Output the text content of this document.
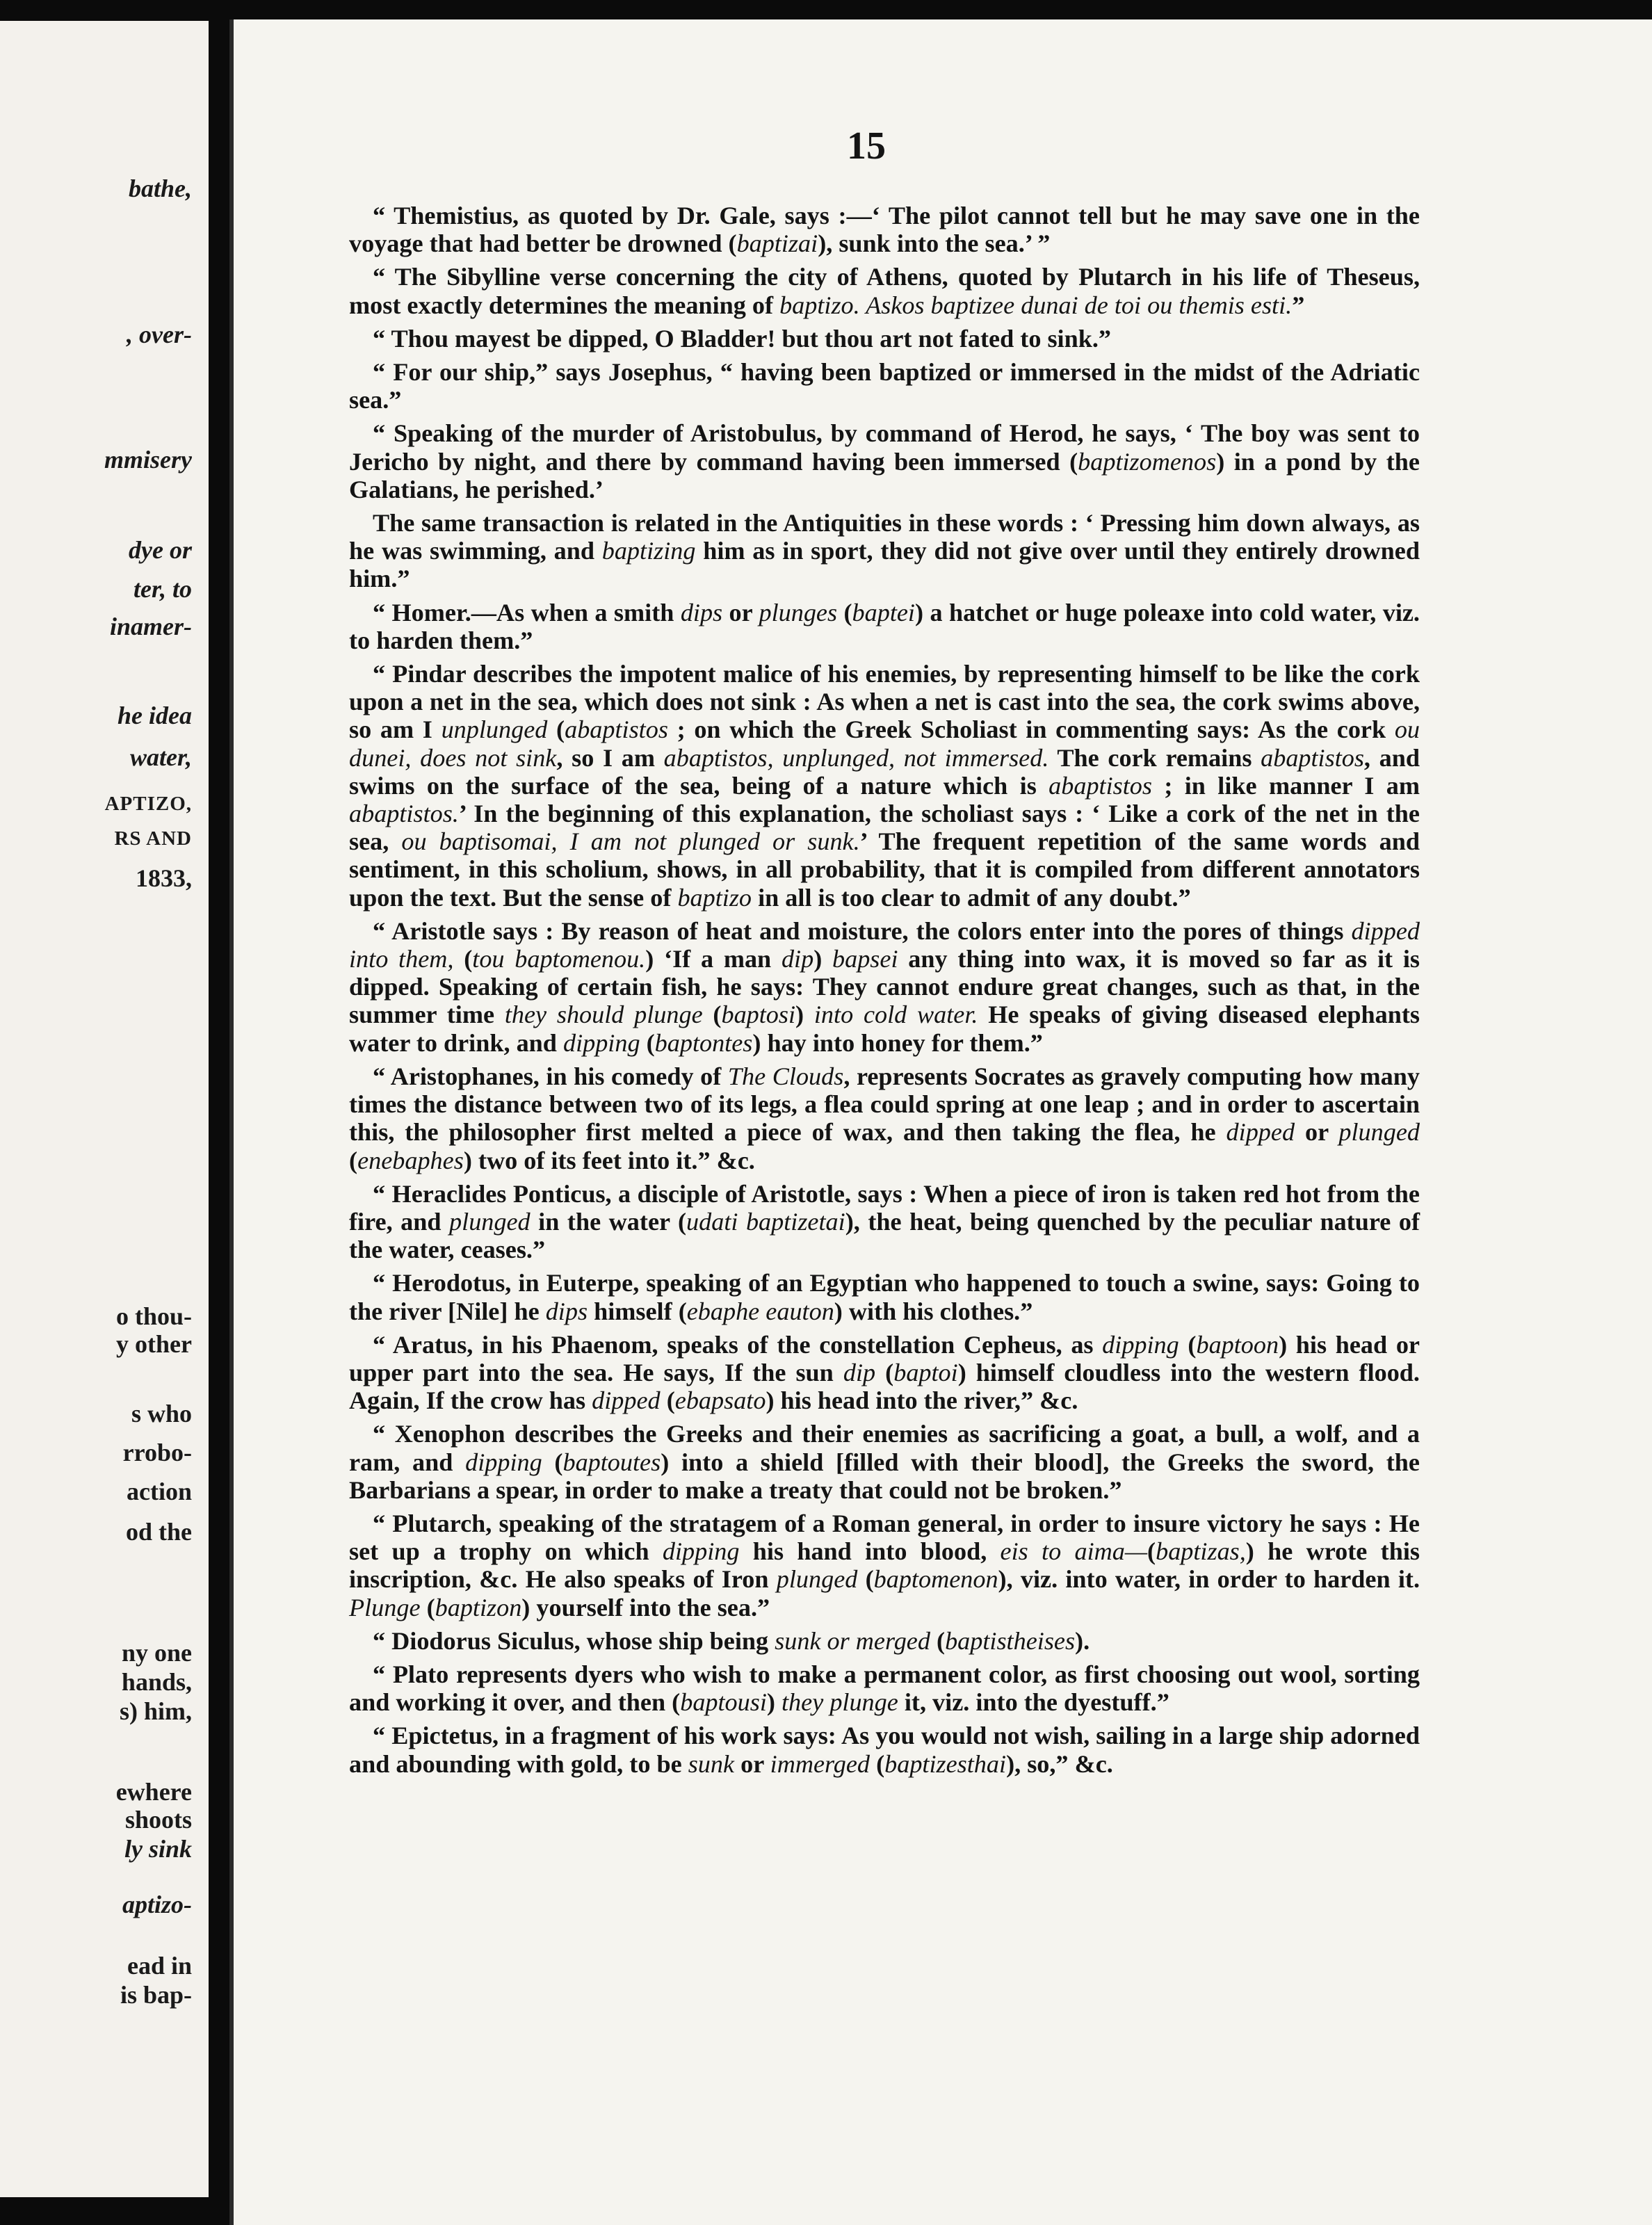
bathe,
, over-
mmisery
dye or
ter, to
inamer-
he idea
water,
APTIZO,
RS AND
1833,
o thou-
y other
s who
rrobo-
action
od the
ny one
hands,
s) him,
ewhere
shoots
ly sink
aptizo-
ead in
is bap-
15

“ Themistius, as quoted by Dr. Gale, says :—‘ The pilot cannot tell but he may save one in the voyage that had better be drowned (baptizai), sunk into the sea.’ ”

“ The Sibylline verse concerning the city of Athens, quoted by Plutarch in his life of Theseus, most exactly determines the meaning of baptizo. Askos baptizee dunai de toi ou themis esti.”

“ Thou mayest be dipped, O Bladder! but thou art not fated to sink.”

“ For our ship,” says Josephus, “ having been baptized or immersed in the midst of the Adriatic sea.”

“ Speaking of the murder of Aristobulus, by command of Herod, he says, ‘ The boy was sent to Jericho by night, and there by command having been immersed (baptizomenos) in a pond by the Galatians, he perished.’

The same transaction is related in the Antiquities in these words : ‘ Pressing him down always, as he was swimming, and baptizing him as in sport, they did not give over until they entirely drowned him.”

“ Homer.—As when a smith dips or plunges (baptei) a hatchet or huge poleaxe into cold water, viz. to harden them.”

“ Pindar describes the impotent malice of his enemies, by representing himself to be like the cork upon a net in the sea, which does not sink : As when a net is cast into the sea, the cork swims above, so am I unplunged (abaptistos ; on which the Greek Scholiast in commenting says: As the cork ou dunei, does not sink, so I am abaptistos, unplunged, not immersed. The cork remains abaptistos, and swims on the surface of the sea, being of a nature which is abaptistos ; in like manner I am abaptistos.’ In the beginning of this explanation, the scholiast says : ‘ Like a cork of the net in the sea, ou baptisomai, I am not plunged or sunk.’ The frequent repetition of the same words and sentiment, in this scholium, shows, in all probability, that it is compiled from different annotators upon the text. But the sense of baptizo in all is too clear to admit of any doubt.”

“ Aristotle says : By reason of heat and moisture, the colors enter into the pores of things dipped into them, (tou baptomenou.) ‘If a man dip) bapsei any thing into wax, it is moved so far as it is dipped. Speaking of certain fish, he says: They cannot endure great changes, such as that, in the summer time they should plunge (baptosi) into cold water. He speaks of giving diseased elephants water to drink, and dipping (baptontes) hay into honey for them.”

“ Aristophanes, in his comedy of The Clouds, represents Socrates as gravely computing how many times the distance between two of its legs, a flea could spring at one leap ; and in order to ascertain this, the philosopher first melted a piece of wax, and then taking the flea, he dipped or plunged (enebaphes) two of its feet into it.” &c.

“ Heraclides Ponticus, a disciple of Aristotle, says : When a piece of iron is taken red hot from the fire, and plunged in the water (udati baptizetai), the heat, being quenched by the peculiar nature of the water, ceases.”

“ Herodotus, in Euterpe, speaking of an Egyptian who happened to touch a swine, says: Going to the river [Nile] he dips himself (ebaphe eauton) with his clothes.”

“ Aratus, in his Phaenom, speaks of the constellation Cepheus, as dipping (baptoon) his head or upper part into the sea. He says, If the sun dip (baptoi) himself cloudless into the western flood. Again, If the crow has dipped (ebapsato) his head into the river,” &c.

“ Xenophon describes the Greeks and their enemies as sacrificing a goat, a bull, a wolf, and a ram, and dipping (baptoutes) into a shield [filled with their blood], the Greeks the sword, the Barbarians a spear, in order to make a treaty that could not be broken.”

“ Plutarch, speaking of the stratagem of a Roman general, in order to insure victory he says : He set up a trophy on which dipping his hand into blood, eis to aima—(baptizas,) he wrote this inscription, &c. He also speaks of Iron plunged (baptomenon), viz. into water, in order to harden it. Plunge (baptizon) yourself into the sea.”

“ Diodorus Siculus, whose ship being sunk or merged (baptistheises).

“ Plato represents dyers who wish to make a permanent color, as first choosing out wool, sorting and working it over, and then (baptousi) they plunge it, viz. into the dyestuff.”

“ Epictetus, in a fragment of his work says: As you would not wish, sailing in a large ship adorned and abounding with gold, to be sunk or immerged (baptizesthai), so,” &c.
